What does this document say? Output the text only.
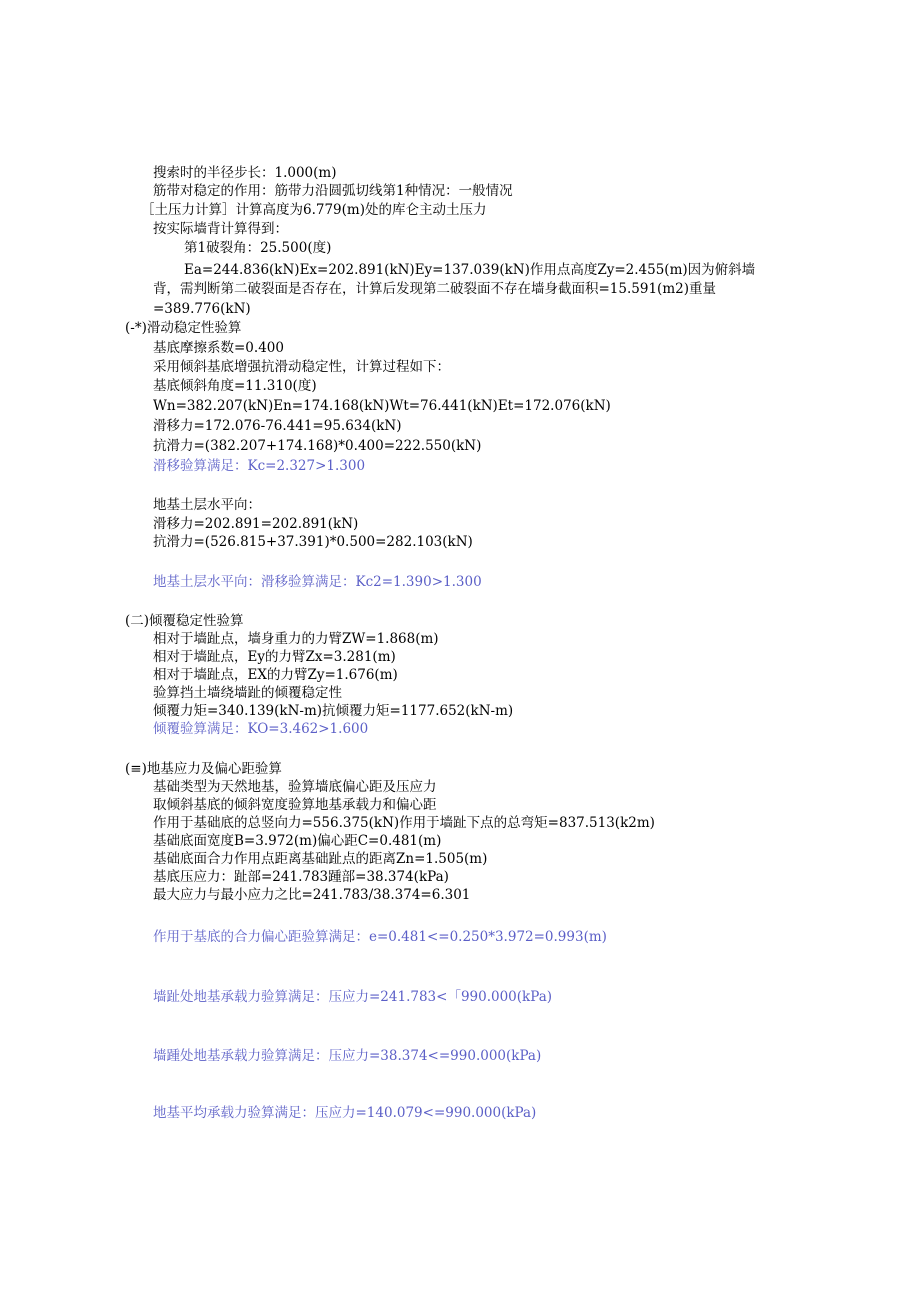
搜索时的半径步长：1.000(m)
筋带对稳定的作用：筋带力沿圆弧切线第1种情况：一般情况
［土压力计算］计算高度为6.779(m)处的库仑主动土压力
按实际墙背计算得到：
第1破裂角：25.500(度)
Ea=244.836(kN)Ex=202.891(kN)Ey=137.039(kN)作用点高度Zy=2.455(m)因为俯斜墙
背，需判断第二破裂面是否存在，计算后发现第二破裂面不存在墙身截面积=15.591(m2)重量
=389.776(kN)
(-*)滑动稳定性验算
基底摩擦系数=0.400
采用倾斜基底增强抗滑动稳定性，计算过程如下：
基底倾斜角度=11.310(度)
Wn=382.207(kN)En=174.168(kN)Wt=76.441(kN)Et=172.076(kN)
滑移力=172.076-76.441=95.634(kN)
抗滑力=(382.207+174.168)*0.400=222.550(kN)
滑移验算满足：Kc=2.327>1.300
地基土层水平向：
滑移力=202.891=202.891(kN)
抗滑力=(526.815+37.391)*0.500=282.103(kN)
地基土层水平向：滑移验算满足：Kc2=1.390>1.300
(二)倾覆稳定性验算
相对于墙趾点，墙身重力的力臂ZW=1.868(m)
相对于墙趾点，Ey的力臂Zx=3.281(m)
相对于墙趾点，EX的力臂Zy=1.676(m)
验算挡土墙绕墙趾的倾覆稳定性
倾覆力矩=340.139(kN-m)抗倾覆力矩=1177.652(kN-m)
倾覆验算满足：KO=3.462>1.600
(≡)地基应力及偏心距验算
基础类型为天然地基，验算墙底偏心距及压应力
取倾斜基底的倾斜宽度验算地基承载力和偏心距
作用于基础底的总竖向力=556.375(kN)作用于墙趾下点的总弯矩=837.513(k2m)
基础底面宽度B=3.972(m)偏心距C=0.481(m)
基础底面合力作用点距离基础趾点的距离Zn=1.505(m)
基底压应力：趾部=241.783踵部=38.374(kPa)
最大应力与最小应力之比=241.783/38.374=6.301
作用于基底的合力偏心距验算满足：e=0.481<=0.250*3.972=0.993(m)
墙趾处地基承载力验算满足：压应力=241.783<「990.000(kPa)
墙踵处地基承载力验算满足：压应力=38.374<=990.000(kPa)
地基平均承载力验算满足：压应力=140.079<=990.000(kPa)
